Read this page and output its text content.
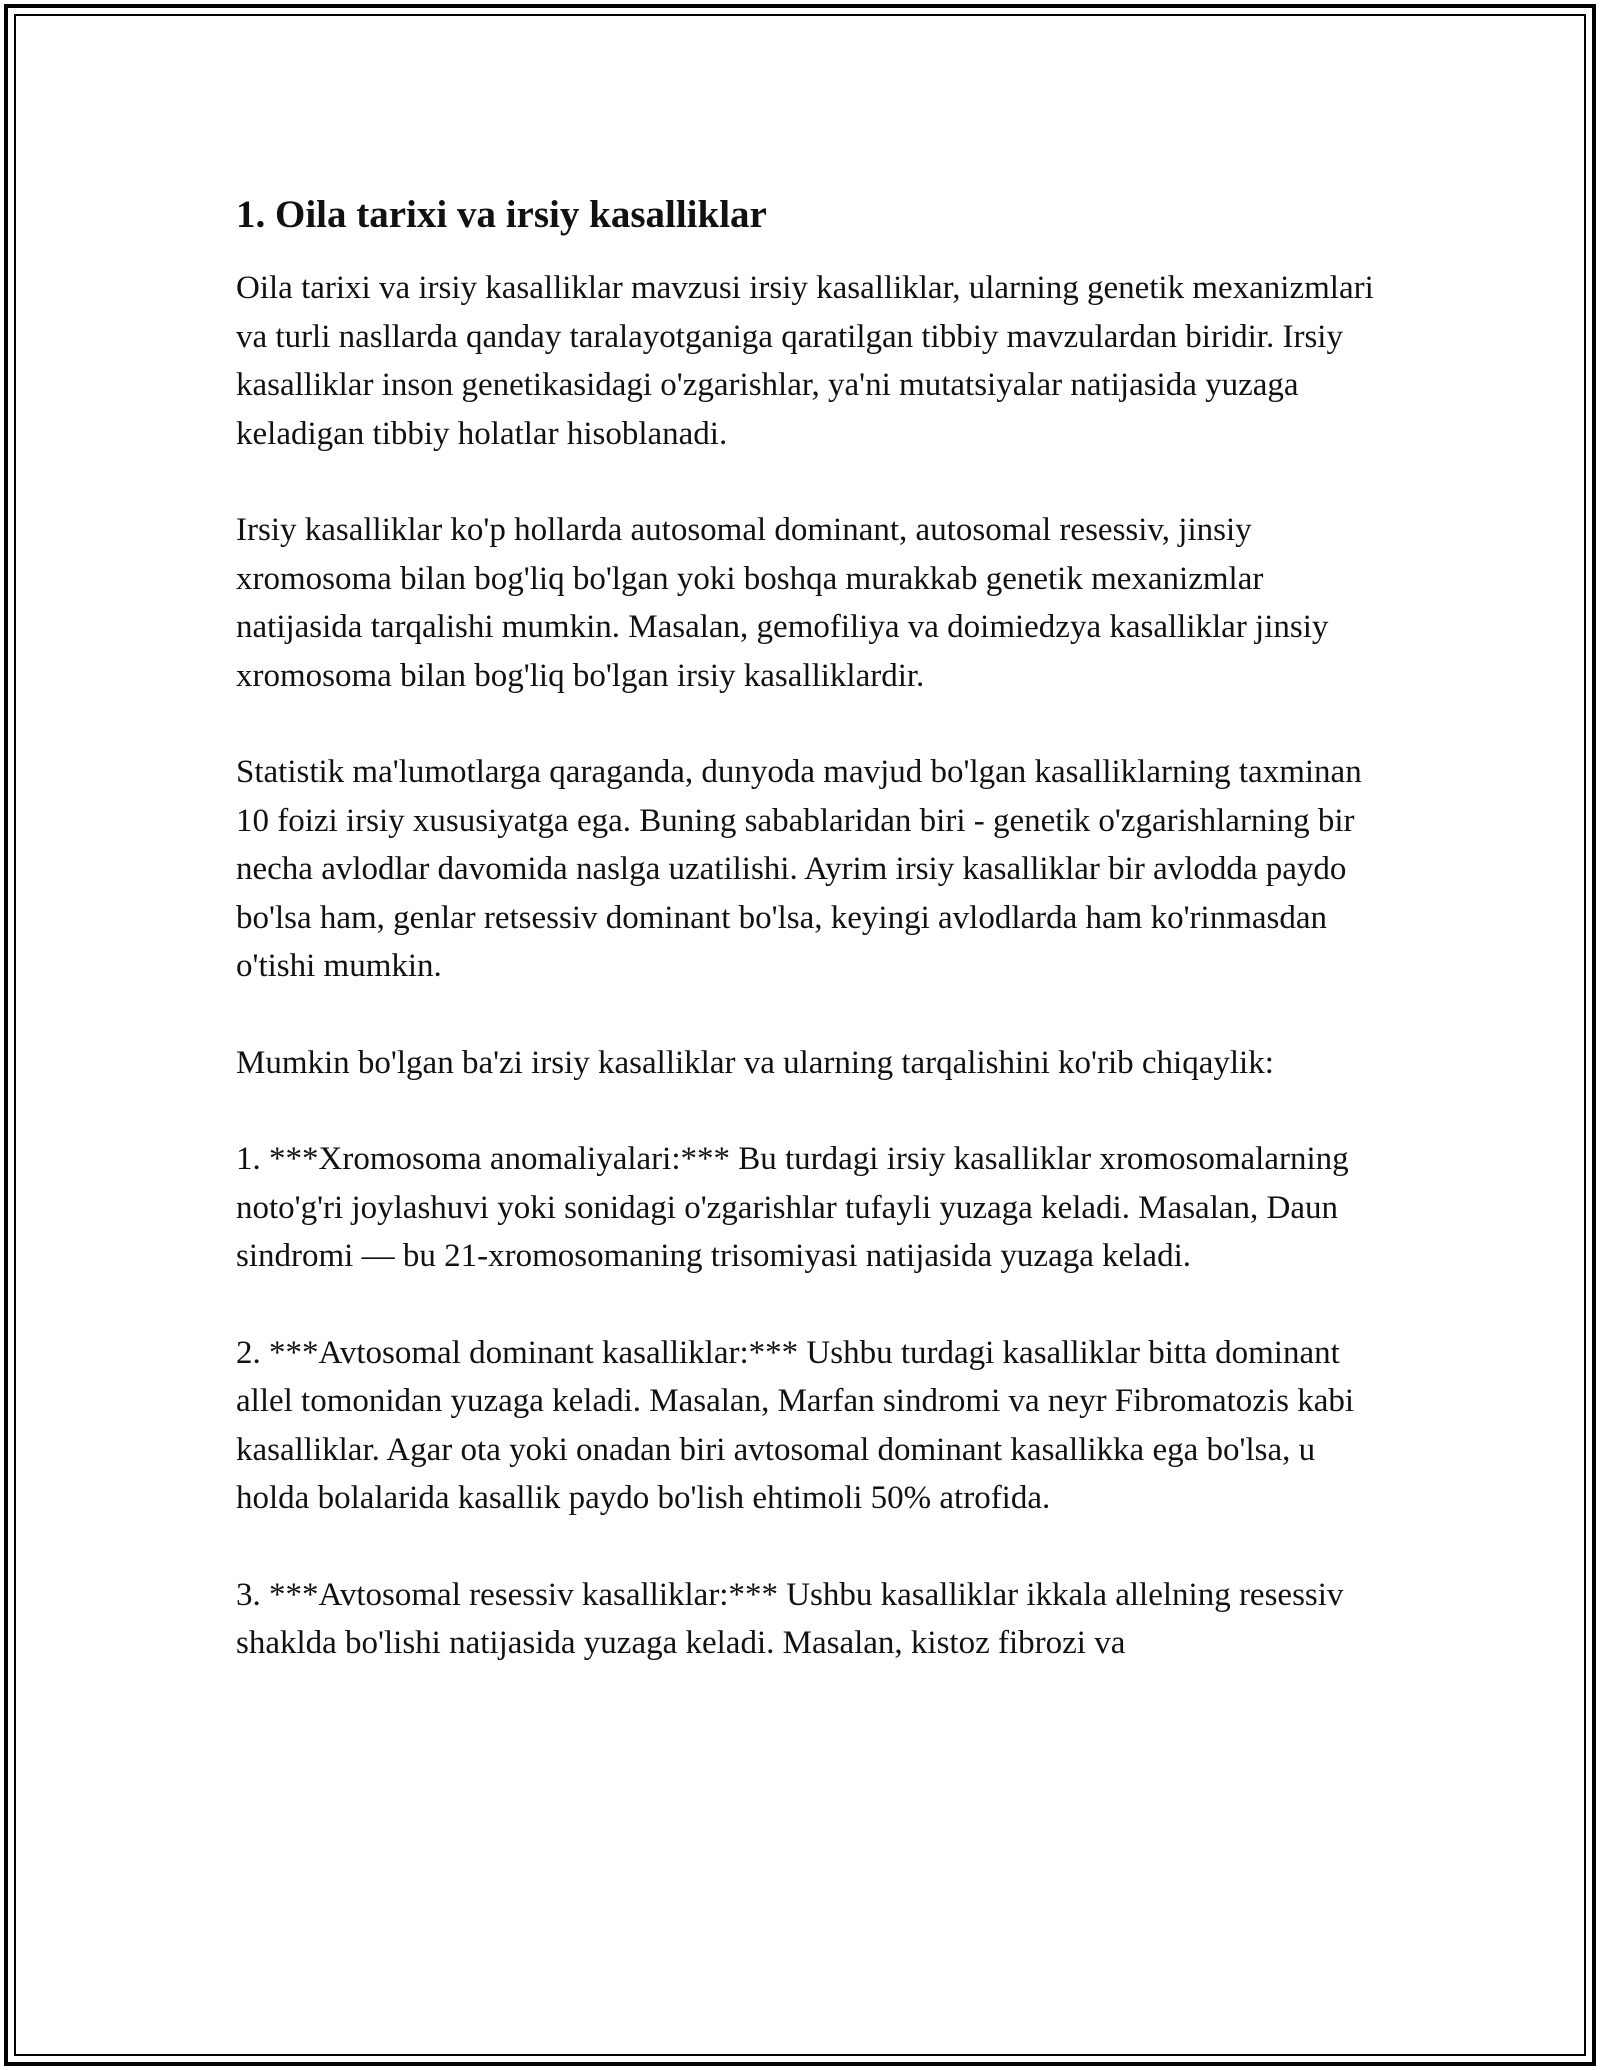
1. Oila tarixi va irsiy kasalliklar

Oila tarixi va irsiy kasalliklar mavzusi irsiy kasalliklar, ularning genetik mexanizmlari va turli nasllarda qanday taralayotganiga qaratilgan tibbiy mavzulardan biridir. Irsiy kasalliklar inson genetikasidagi o'zgarishlar, ya'ni mutatsiyalar natijasida yuzaga keladigan tibbiy holatlar hisoblanadi.

Irsiy kasalliklar ko'p hollarda autosomal dominant, autosomal resessiv, jinsiy xromosoma bilan bog'liq bo'lgan yoki boshqa murakkab genetik mexanizmlar natijasida tarqalishi mumkin. Masalan, gemofiliya va doimiedzya kasalliklar jinsiy xromosoma bilan bog'liq bo'lgan irsiy kasalliklardir.

Statistik ma'lumotlarga qaraganda, dunyoda mavjud bo'lgan kasalliklarning taxminan 10 foizi irsiy xususiyatga ega. Buning sabablaridan biri - genetik o'zgarishlarning bir necha avlodlar davomida naslga uzatilishi. Ayrim irsiy kasalliklar bir avlodda paydo bo'lsa ham, genlar retsessiv dominant bo'lsa, keyingi avlodlarda ham ko'rinmasdan o'tishi mumkin.

Mumkin bo'lgan ba'zi irsiy kasalliklar va ularning tarqalishini ko'rib chiqaylik:

1. ***Xromosoma anomaliyalari:*** Bu turdagi irsiy kasalliklar xromosomalarning noto'g'ri joylashuvi yoki sonidagi o'zgarishlar tufayli yuzaga keladi. Masalan, Daun sindromi — bu 21-xromosomaning trisomiyasi natijasida yuzaga keladi.

2. ***Avtosomal dominant kasalliklar:*** Ushbu turdagi kasalliklar bitta dominant allel tomonidan yuzaga keladi. Masalan, Marfan sindromi va neyr Fibromatozis kabi kasalliklar. Agar ota yoki onadan biri avtosomal dominant kasallikka ega bo'lsa, u holda bolalarida kasallik paydo bo'lish ehtimoli 50% atrofida.

3. ***Avtosomal resessiv kasalliklar:*** Ushbu kasalliklar ikkala allelning resessiv shaklda bo'lishi natijasida yuzaga keladi. Masalan, kistoz fibrozi va
